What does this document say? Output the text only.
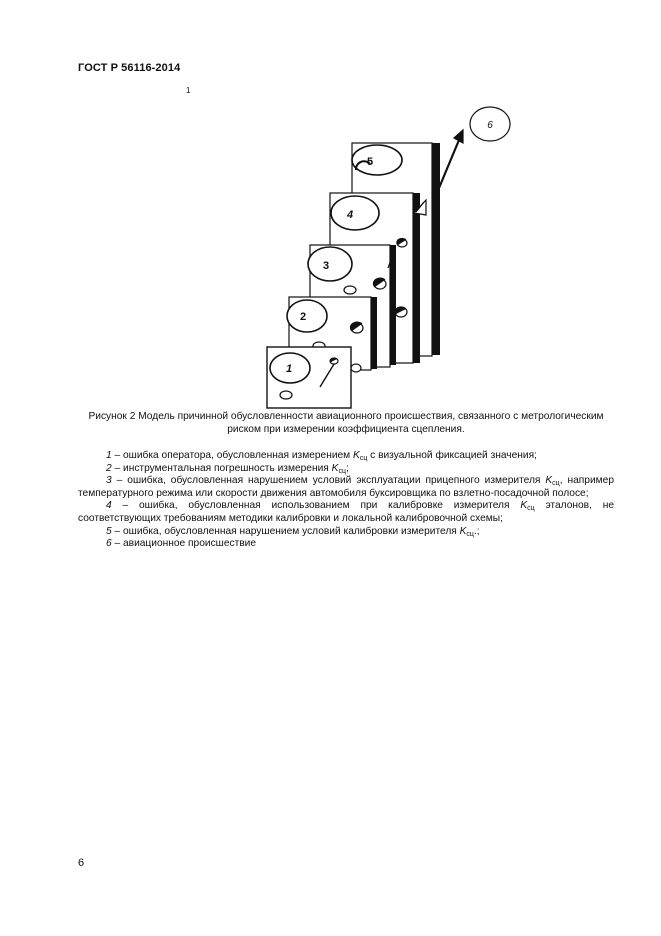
ГОСТ Р 56116-2014
1
5
4
3
2
1
6
Рисунок 2 Модель причинной обусловленности авиационного происшествия, связанного с метрологическим риском при измерении коэффициента сцепления.

1 – ошибка оператора, обусловленная измерением $K_{сц}$ с визуальной фиксацией значения;

2 – инструментальная погрешность измерения $K_{сц}$;

3 – ошибка, обусловленная нарушением условий эксплуатации прицепного измерителя $K_{сц}$, например температурного режима или скорости движения автомобиля буксировщика по взлетно-посадочной полосе;

4 – ошибка, обусловленная использованием при калибровке измерителя $K_{сц}$ эталонов, не соответствующих требованиям методики калибровки и локальной калибровочной схемы;

5 – ошибка, обусловленная нарушением условий калибровки измерителя $K_{сц}$.;

6 – авиационное происшествие

6
